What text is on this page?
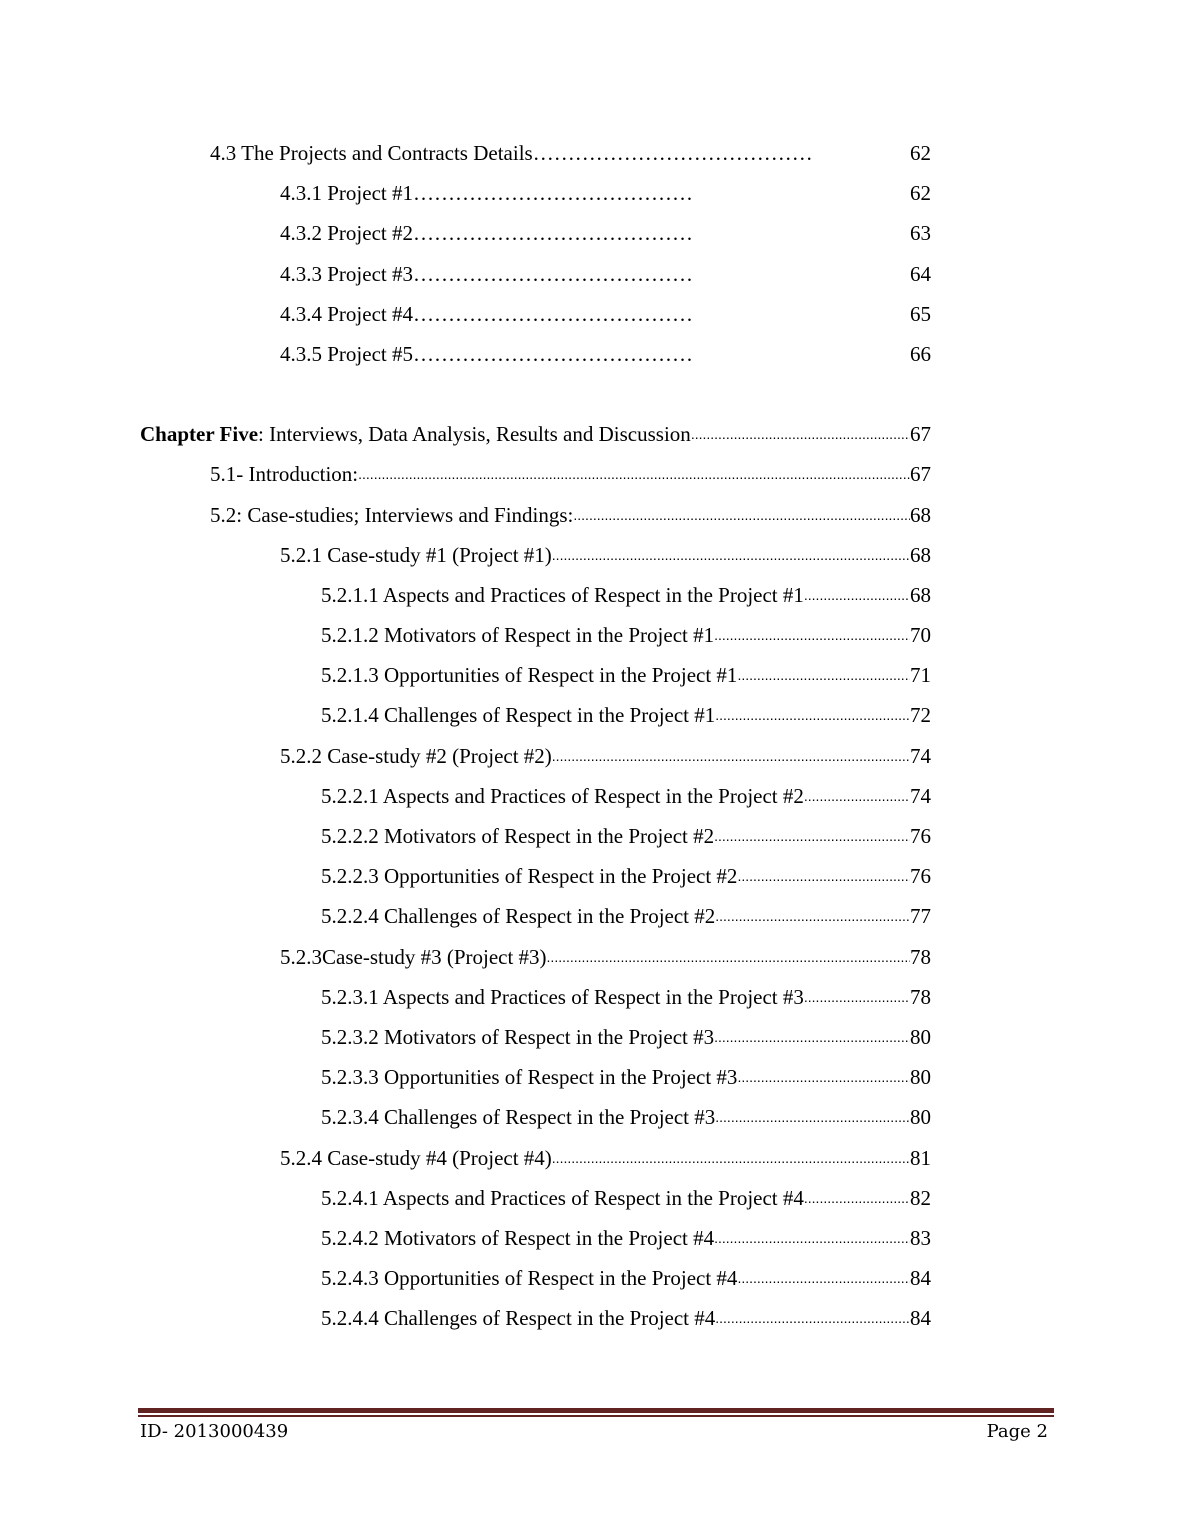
4.3 The Projects and Contracts Details ………………………………………………………………………………………………………………	62
4.3.1 Project #1 ………………………………………………………………………………………………………………	62
4.3.2 Project #2 ………………………………………………………………………………………………………………	63
4.3.3 Project #3 ………………………………………………………………………………………………………………	64
4.3.4 Project #4 ………………………………………………………………………………………………………………	65
4.3.5 Project #5 ………………………………………………………………………………………………………………	66
Chapter Five: Interviews, Data Analysis, Results and Discussion .....	67
5.1- Introduction: .....	67
5.2: Case-studies; Interviews and Findings: .....	68
5.2.1 Case-study #1 (Project #1) .....	68
5.2.1.1 Aspects and Practices of Respect in the Project #1 .....	68
5.2.1.2 Motivators of Respect in the Project #1 .....	70
5.2.1.3 Opportunities of Respect in the Project #1 .....	71
5.2.1.4 Challenges of Respect in the Project #1 .....	72
5.2.2 Case-study #2 (Project #2) .....	74
5.2.2.1 Aspects and Practices of Respect in the Project #2 .....	74
5.2.2.2 Motivators of Respect in the Project #2 .....	76
5.2.2.3 Opportunities of Respect in the Project #2 .....	76
5.2.2.4 Challenges of Respect in the Project #2 .....	77
5.2.3Case-study #3 (Project #3) .....	78
5.2.3.1 Aspects and Practices of Respect in the Project #3 .....	78
5.2.3.2 Motivators of Respect in the Project #3 .....	80
5.2.3.3 Opportunities of Respect in the Project #3 .....	80
5.2.3.4 Challenges of Respect in the Project #3 .....	80
5.2.4 Case-study #4 (Project #4) .....	81
5.2.4.1 Aspects and Practices of Respect in the Project #4 .....	82
5.2.4.2 Motivators of Respect in the Project #4 .....	83
5.2.4.3 Opportunities of Respect in the Project #4 .....	84
5.2.4.4 Challenges of Respect in the Project #4 .....	84
ID- 2013000439	Page 2
